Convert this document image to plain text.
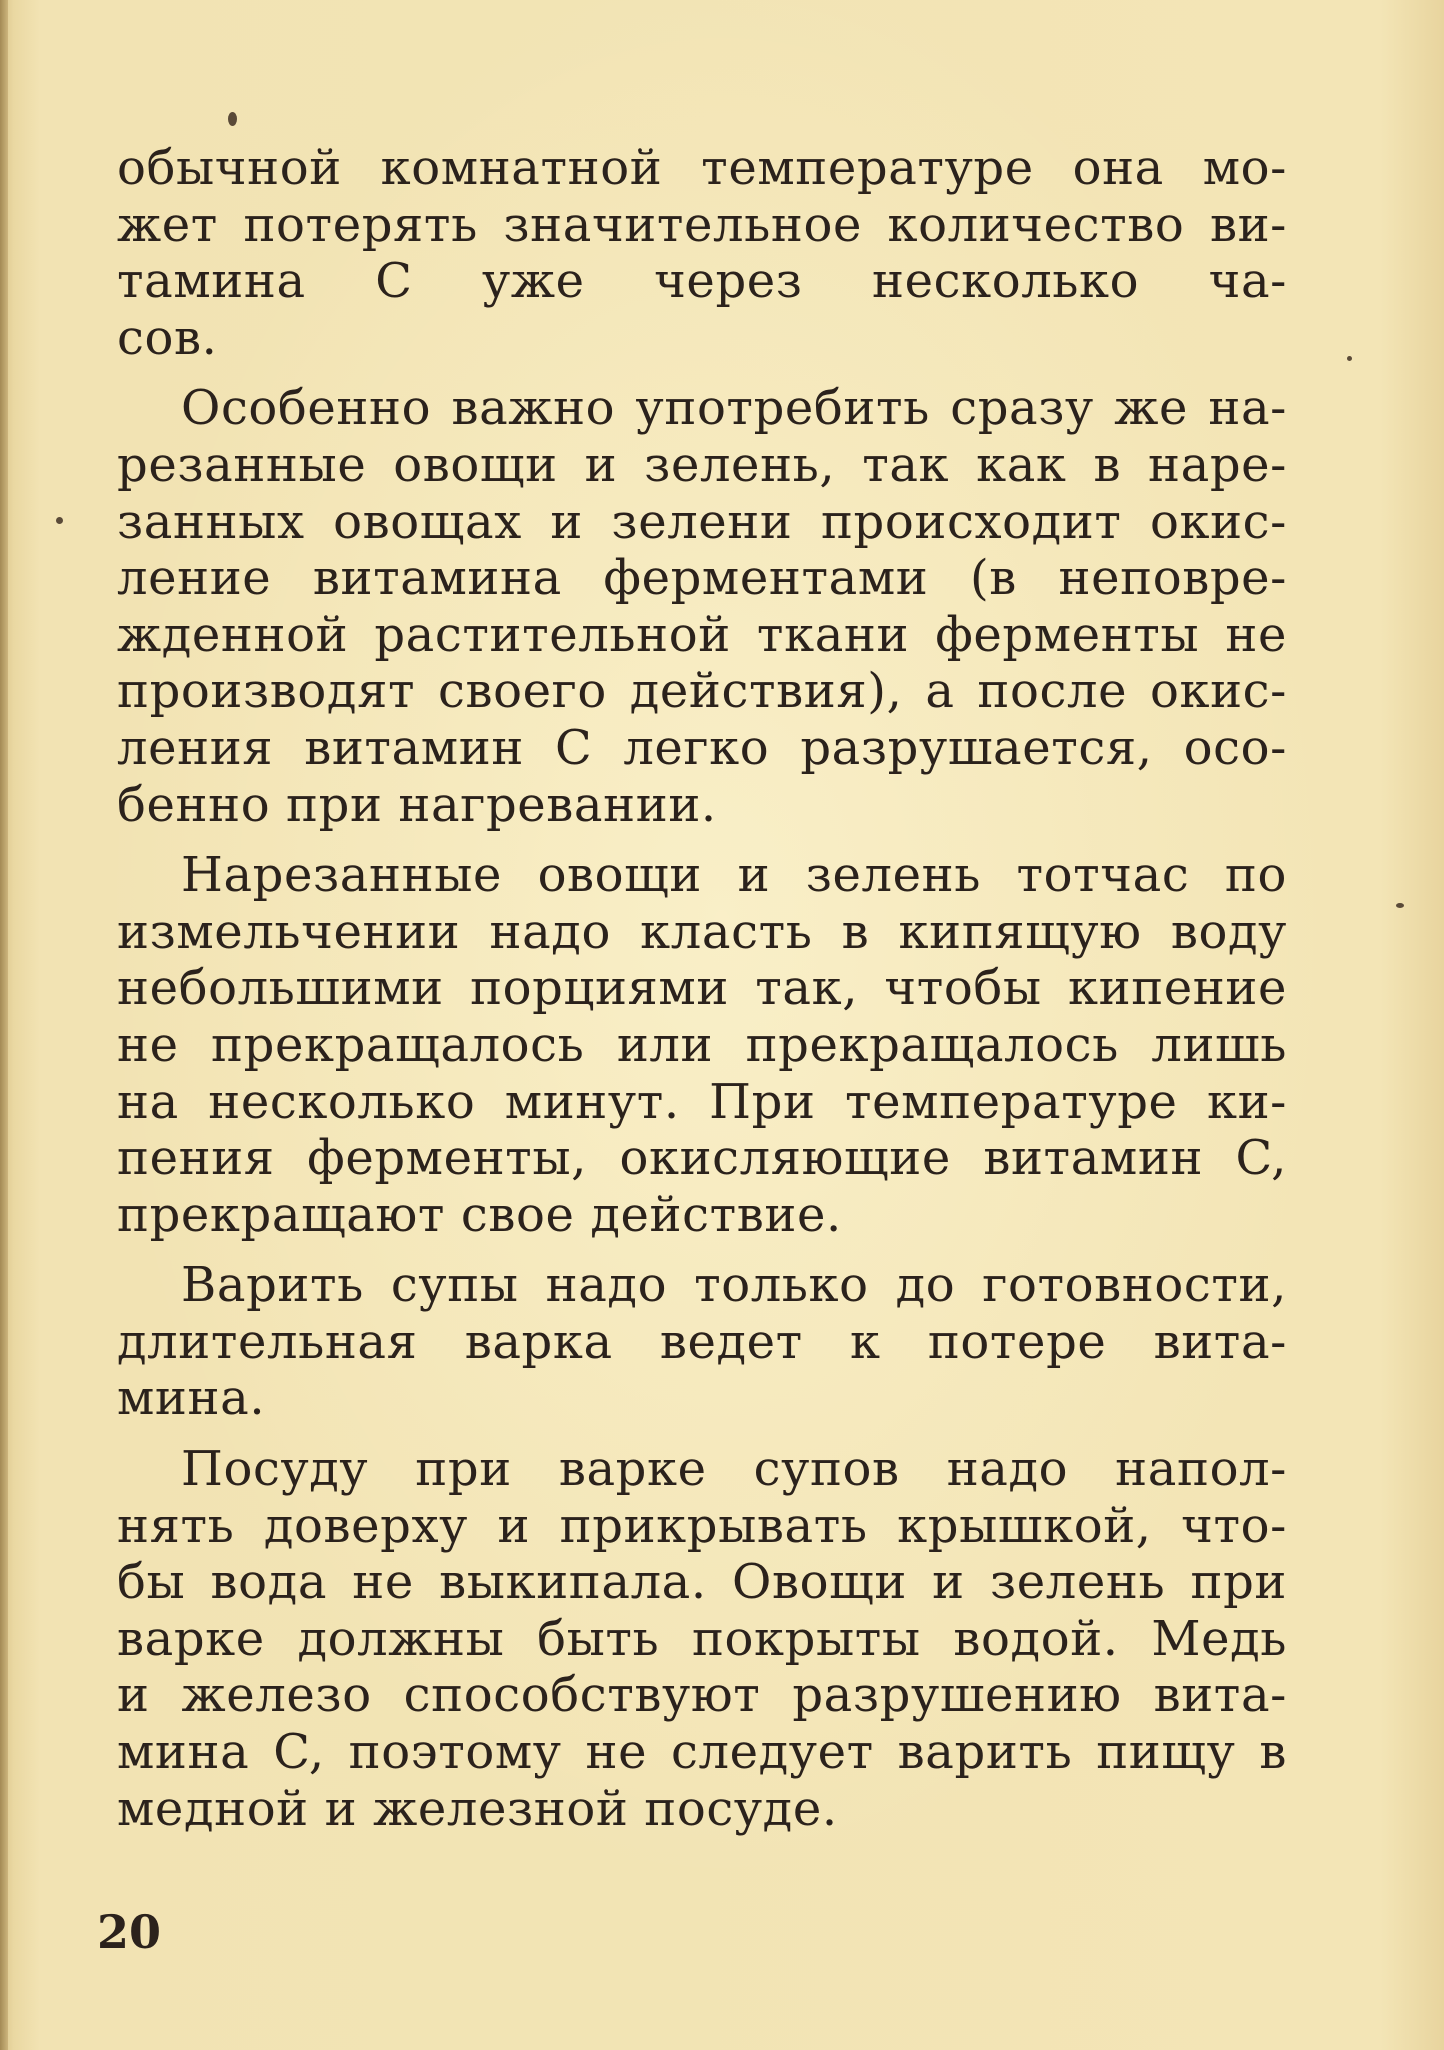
обычной комнатной температуре она мо-
жет потерять значительное количество ви-
тамина C уже через несколько ча-
сов.

Особенно важно употребить сразу же на-
резанные овощи и зелень, так как в наре-
занных овощах и зелени происходит окис-
ление витамина ферментами (в неповре-
жденной растительной ткани ферменты не
производят своего действия), а после окис-
ления витамин C легко разрушается, осо-
бенно при нагревании.

Нарезанные овощи и зелень тотчас по
измельчении надо класть в кипящую воду
небольшими порциями так, чтобы кипение
не прекращалось или прекращалось лишь
на несколько минут. При температуре ки-
пения ферменты, окисляющие витамин C,
прекращают свое действие.

Варить супы надо только до готовности,
длительная варка ведет к потере вита-
мина.

Посуду при варке супов надо напол-
нять доверху и прикрывать крышкой, что-
бы вода не выкипала. Овощи и зелень при
варке должны быть покрыты водой. Медь
и железо способствуют разрушению вита-
мина C, поэтому не следует варить пищу в
медной и железной посуде.

20
